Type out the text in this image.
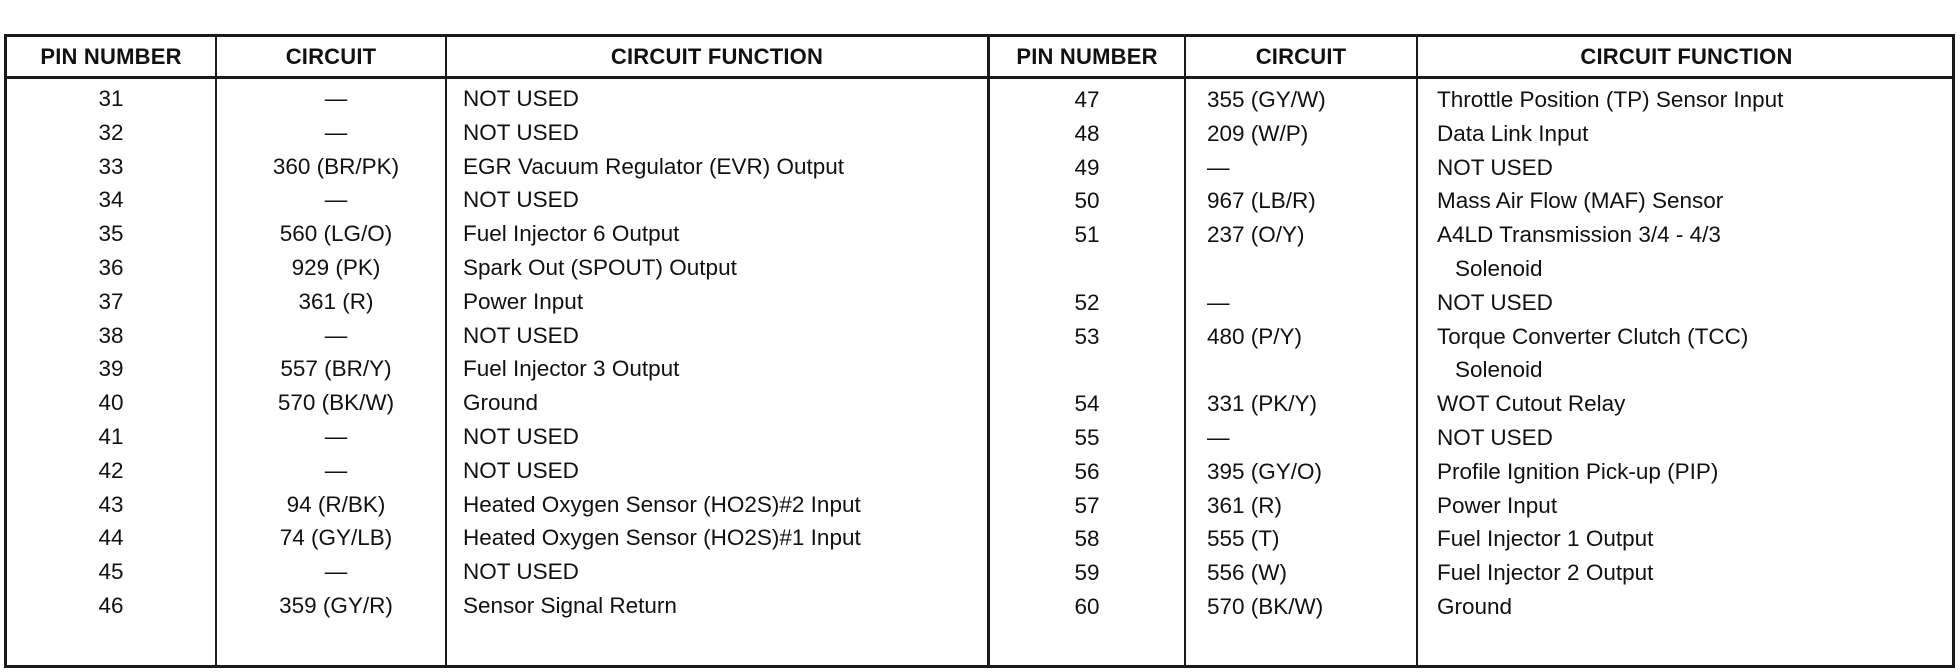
PIN NUMBER	CIRCUIT	CIRCUIT FUNCTION	PIN NUMBER	CIRCUIT	CIRCUIT FUNCTION
31	—	NOT USED
32	—	NOT USED
33	360 (BR/PK)	EGR Vacuum Regulator (EVR) Output
34	—	NOT USED
35	560 (LG/O)	Fuel Injector 6 Output
36	929 (PK)	Spark Out (SPOUT) Output
37	361 (R)	Power Input
38	—	NOT USED
39	557 (BR/Y)	Fuel Injector 3 Output
40	570 (BK/W)	Ground
41	—	NOT USED
42	—	NOT USED
43	94 (R/BK)	Heated Oxygen Sensor (HO2S)#2 Input
44	74 (GY/LB)	Heated Oxygen Sensor (HO2S)#1 Input
45	—	NOT USED
46	359 (GY/R)	Sensor Signal Return
47	355 (GY/W)	Throttle Position (TP) Sensor Input
48	209 (W/P)	Data Link Input
49	—	NOT USED
50	967 (LB/R)	Mass Air Flow (MAF) Sensor
51	237 (O/Y)	A4LD Transmission 3/4 - 4/3
Solenoid
52	—	NOT USED
53	480 (P/Y)	Torque Converter Clutch (TCC)
Solenoid
54	331 (PK/Y)	WOT Cutout Relay
55	—	NOT USED
56	395 (GY/O)	Profile Ignition Pick-up (PIP)
57	361 (R)	Power Input
58	555 (T)	Fuel Injector 1 Output
59	556 (W)	Fuel Injector 2 Output
60	570 (BK/W)	Ground
